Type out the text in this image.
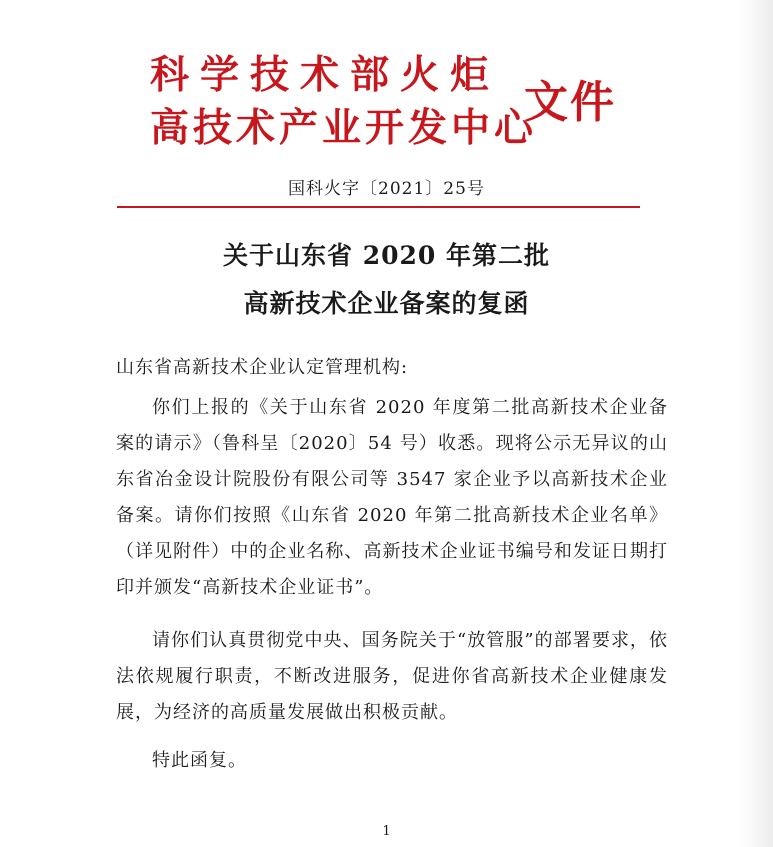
科学技术部火炬
高技术产业开发中心
文件
国科火字〔2021〕25号
关于山东省 2020 年第二批
高新技术企业备案的复函
山东省高新技术企业认定管理机构:

你们上报的《关于山东省 2020 年度第二批高新技术企业备案的请示》（鲁科呈〔2020〕54 号）收悉。现将公示无异议的山东省冶金设计院股份有限公司等 3547 家企业予以高新技术企业备案。请你们按照《山东省 2020 年第二批高新技术企业名单》（详见附件）中的企业名称、高新技术企业证书编号和发证日期打印并颁发“高新技术企业证书”。

请你们认真贯彻党中央、国务院关于“放管服”的部署要求，依法依规履行职责，不断改进服务，促进你省高新技术企业健康发展，为经济的高质量发展做出积极贡献。

特此函复。

1
